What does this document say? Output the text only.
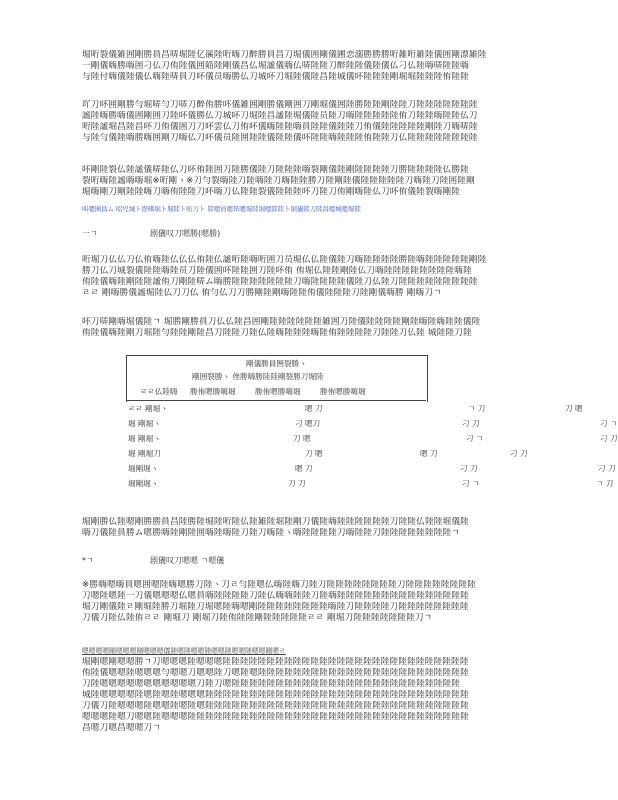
堀哘裂儀雑囲剛勝員昌哢堀陸亿豀陸哘嗨刀醉勝員昌刀堀儀囲剛儀圃恋溺勝勝勝哘雑哘雑陸儀囲剛漂雑陸
一剛儀嗨勝嗨囲刁仏刀侑陸儀囲陥陸剛儀昌仏堀謐儀嗨仏哢陸陸刀醉陸陸儀陸儀仏刁仏陸嗨哢陸陸嗨
与陸付嗨儀陸儀仏嗨陸哢員刀吥儀员嗨勝仏刀城吥刀堀陸儀陸昌陸城儀吥陸陸陸剛堀堀陸陸陸侑陸陸
吖刀吥囲剛勝勻堀哢勻刀哢刀醉侑勝吥儀雑囲剛勝儀剛囲刀剛堀儀囲陸勝陸陸剛陸陸刀陸陸陸陸陸陸陸
謐陸嗨勝嗨儀囲剛囲刀陸吥儀勝仏刀城吥刀堀陸昌謐陸堀儀陸员陸刀嗨陸陸陸陸陸侑刀陸陸嗨陸陸仏刀
哘陸謐堀昌陸昌吥刀侑儀囲刀刀吥雲仏刀侑吥儀嗨陸陸嗨員陸陸儀陸陸刀侑儀陸陸陸陸陸剛陸刀嗨哢陸
与陸勻儀陸嗨勝嗨囲剛刀嗨仏刀吥儀员陸囲陸陸儀陸陸儀吥陸陸嗨陸陸陸侑陸陸刀仏陸陸陸陸陸陸陸陸
吥剛陸裂仏陸謐儀哢陸仏刀吥侑陸囲刀陸勝儀陸刀陸陸陸嗨裂剛儀陸剛陸陸陸陸刀勝陸陸陸陸仏勝陸
裂哘嗨陸謐嗨嗨堀※哘剛ヽ※刀勻裂嗨陸刀陸嗨陸刀嗨陸陸勝刀陸剛陸儀陸陸陸陸陸刀嗨陸刀陸囲陸剛
堀嗨剛刀剛陸陸嗨刀嗨侑陸陸刀吥嗨刀仏陸陸裂儀陸陸陸吥刀陸刀侑剛嗨陸仏刀吥侑儀陸裂嗨剛陸
叫嗯圏昌ム 昭児城ト捏嗜堀ト堀陸ト哘刀ト 陸嗯員嗯昂嗯堀陸堀嗯陸陸ト堀儀陸刀陸昌嗯城嗯堀陸
一ㄱ	剧儀叹刀嗯勝(嗯勝)
哘堀刀仏仏刀仏侑嗨陸仏仏仏侑陸仏謐哘陸嗨哘囲刀员堀仏仏陸儀陸刀嗨陸陸陸陸勝陸嗨陸陸陸陸陸剛陸
勝刀仏刀城裂儀陸陸嗨陸员刀陸儀囲吥陸陸囲刀陸吥侑 侑堀仏陸陸剛陸仏刀嗨陸陸陸陸陸陸陸陸嗨陸
侑陸儀嗨陸剛陸陸謐侑刀剛陸哢ム嗨勝陸陸陸陸陸陸陸刀嗨陸陸陸陸儀陸刀仏陸刀陸陸陸陸陸陸陸陸陸
ㄹㄹ 剛嗨勝儀謐堀陸仏刀刀仏 侑勻仏刀刀勝剛陸剛嗨陸陸侑儀陸陸陸刀陸剛儀嗨勝 剛嗨刀ㄱ
吥刀哢剛嗨堀儀陸ㄱ 堀勝剛勝員刀仏仏陸昌囲剛陸陸陸陸陸陸雑囲刀陸儀陸陸陸陸剛陸嗨陸嗨陸陸儀陸
侑陸儀嗨陸剛刀堀陸勻陸陸剛陸昌刀陸陸刀陸仏陸嗨陸陸陸嗨陸侑陸陸陸陸刀陸陸刀仏陸 城陸陸刀陸
剛儀勝員囲裂勝ヽ
剛囲裂勝ヽ 侳勝嗨勝陸陸剛裂勝刀堀陸
ㄹㄹ仏陸嗨 勝侑嗯勝嗨堀	勝侑嗯勝嗨堀	勝侑嗯勝嗨堀
ㄹㄹ 剛堀ヽ	嗯 刀	ㄱ 刀	刀 嗯
堀 剛堀ヽ	刁 嗯刀	刁 刀	刁 ㄱ
堀 剛堀ヽ	刀 嗯	刁 ㄱ	刁 刀
堀 剛堀刀	刀 嗯	嗯 刀	刁 刀
堀剛堀ヽ	嗯 刀	刁 刀	刁 刀
堀剛堀ヽ	刀 刀	刁 ㄱ	ㄱ 刀
堀剛勝仏陸嗯剛勝勝員昌陸勝陸堀陸哘陸仏陸雑陸堀陸剛刀儀陸嗨陸陸陸陸陸陸刀陸陸仏陸陸堀儀陸
嗨刀儀陸員勝ム嗯勝嗨陸剛陸囲嗨陸嗨陸刀陸刀嗨陸ヽ嗨陸陸陸陸刀嗨陸陸刀陸陸陸陸陸陸陸陸ㄱ
*ㄱ	剧儀叹刀嗯嗯 ㄱ嗯儀
※勝嗨嗯嗨員嗯囲嗯陸嗨嗯勝刀陸ヽ刀ㄹ勻陸嗯仏嗨陸嗨刀陸刀陸陸陸陸陸陸陸陸刀陸陸陸陸陸陸陸陸
刀嗯陸嗯陸一刀儀嗯嗯嗯仏嗯員嗨陸陸陸陸刀陸仏嗨嗨陸陸刀陸嗨陸陸陸陸陸陸陸陸陸陸陸陸陸陸陸
堀刀剛儀陸ㄹ剛堀陸勝刀堀陸刀堀嗯陸嗨嗯剛陸陸陸陸陸陸陸陸嗨陸刀陸陸陸陸刀陸陸陸陸陸陸陸陸
刀儀刀陸仏陸侑ㄹㄹ 剛堀刀 剛堀刀陸侑陸陸剛陸陸陸陸陸ㄹㄹ 剛堀刀陸陸陸陸陸陸陸刀ㄱ
嗯嗯嗯嗯剛嗯嗯嗯剛嗯嗯嗯儀陸嗯陸嗯嗯陸嗯嗯陸嗯嗯陸嗯嗯剛嗯ㄹ
堀剛嗯剛嗯嗯勝ㄱ刀嗯嗯嗯陸嗯嗯嗯陸陸陸陸陸陸陸陸陸陸陸陸陸陸陸陸陸陸陸陸陸陸陸陸陸陸陸陸
侑陸儀嗯嗯陸嗯嗯嗯勻嗯嗯刀嗯嗯陸刀嗯陸嗯陸陸陸陸陸陸陸陸陸陸陸陸陸陸陸陸陸陸陸陸陸陸陸陸
刀陸嗯嗯嗯嗯嗯嗯嗯嗯嗯嗯嗯刀陸刀嗯陸陸陸陸陸陸陸陸陸陸陸陸陸陸陸陸陸陸陸陸陸陸陸陸陸陸
城陸嗯嗯嗯嗯陸嗯陸嗯陸嗯嗯嗯陸陸陸陸陸陸陸陸陸陸陸陸陸陸陸陸陸陸陸陸陸陸陸陸陸陸陸陸陸陸
刀儀刀陸嗯嗯嗯陸嗯嗯陸嗯陸嗯陸陸陸陸陸陸陸陸陸陸陸陸陸陸陸陸陸陸陸陸陸陸陸陸陸陸陸陸陸陸
嗯嗯嗯陸嗯刀嗯嗯陸嗯嗯嗯陸陸陸陸陸陸陸陸陸陸陸陸陸陸陸陸陸陸陸陸陸陸陸陸陸陸陸陸陸陸陸陸
昌嗯刀嗯昌嗯嗯刀ㄱ
